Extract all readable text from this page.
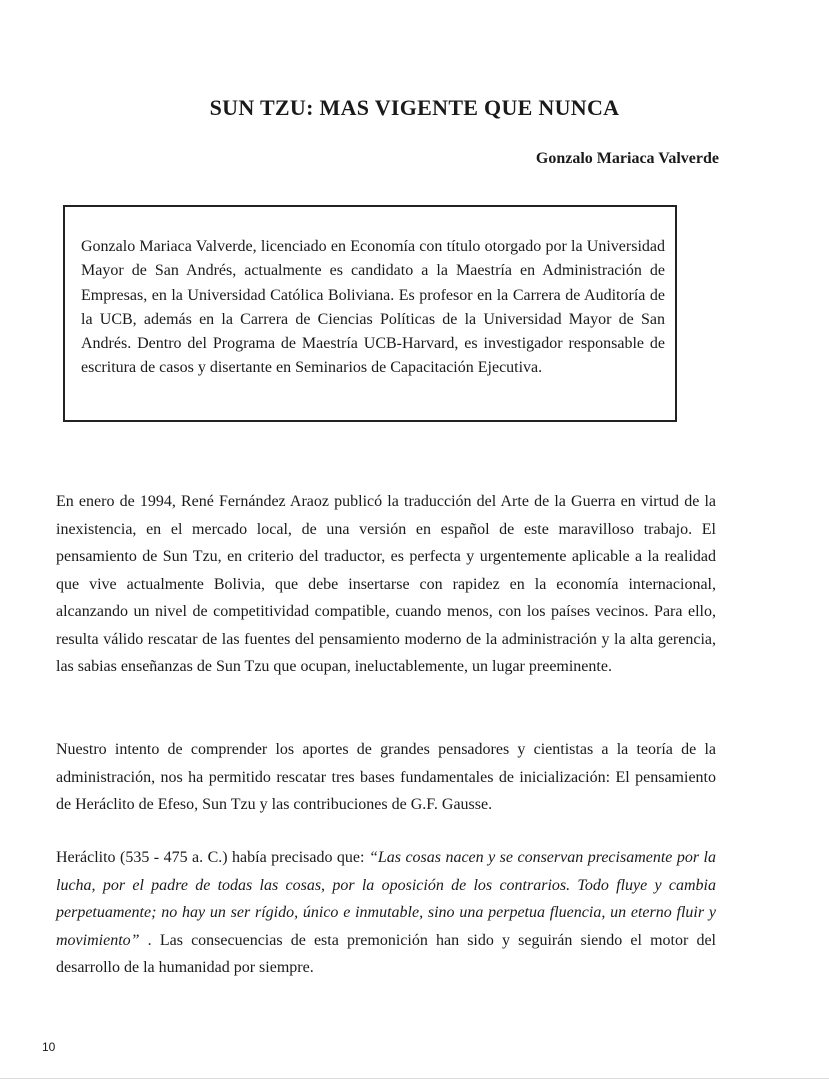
SUN TZU: MAS VIGENTE QUE NUNCA
Gonzalo Mariaca Valverde
Gonzalo Mariaca Valverde, licenciado en Economía con título otorgado por la Universidad Mayor de San Andrés, actualmente es candidato a la Maestría en Administración de Empresas, en la Universidad Católica Boliviana. Es profesor en la Carrera de Auditoría de la UCB, además en la Carrera de Ciencias Políticas de la Universidad Mayor de San Andrés. Dentro del Programa de Maestría UCB-Harvard, es investigador responsable de escritura de casos y disertante en Seminarios de Capacitación Ejecutiva.
En enero de 1994, René Fernández Araoz publicó la traducción del Arte de la Guerra en virtud de la inexistencia, en el mercado local, de una versión en español de este maravilloso trabajo. El pensamiento de Sun Tzu, en criterio del traductor, es perfecta y urgentemente aplicable a la realidad que vive actualmente Bolivia, que debe insertarse con rapidez en la economía internacional, alcanzando un nivel de competitividad compatible, cuando menos, con los países vecinos. Para ello, resulta válido rescatar de las fuentes del pensamiento moderno de la administración y la alta gerencia, las sabias enseñanzas de Sun Tzu que ocupan, ineluctablemente, un lugar preeminente.
Nuestro intento de comprender los aportes de grandes pensadores y cientistas a la teoría de la administración, nos ha permitido rescatar tres bases fundamentales de inicialización: El pensamiento de Heráclito de Efeso, Sun Tzu y las contribuciones de G.F. Gausse.
Heráclito (535 - 475 a. C.) había precisado que: “Las cosas nacen y se conservan precisamente por la lucha, por el padre de todas las cosas, por la oposición de los contrarios. Todo fluye y cambia perpetuamente; no hay un ser rígido, único e inmutable, sino una perpetua fluencia, un eterno fluir y movimiento” . Las consecuencias de esta premonición han sido y seguirán siendo el motor del desarrollo de la humanidad por siempre.
10
